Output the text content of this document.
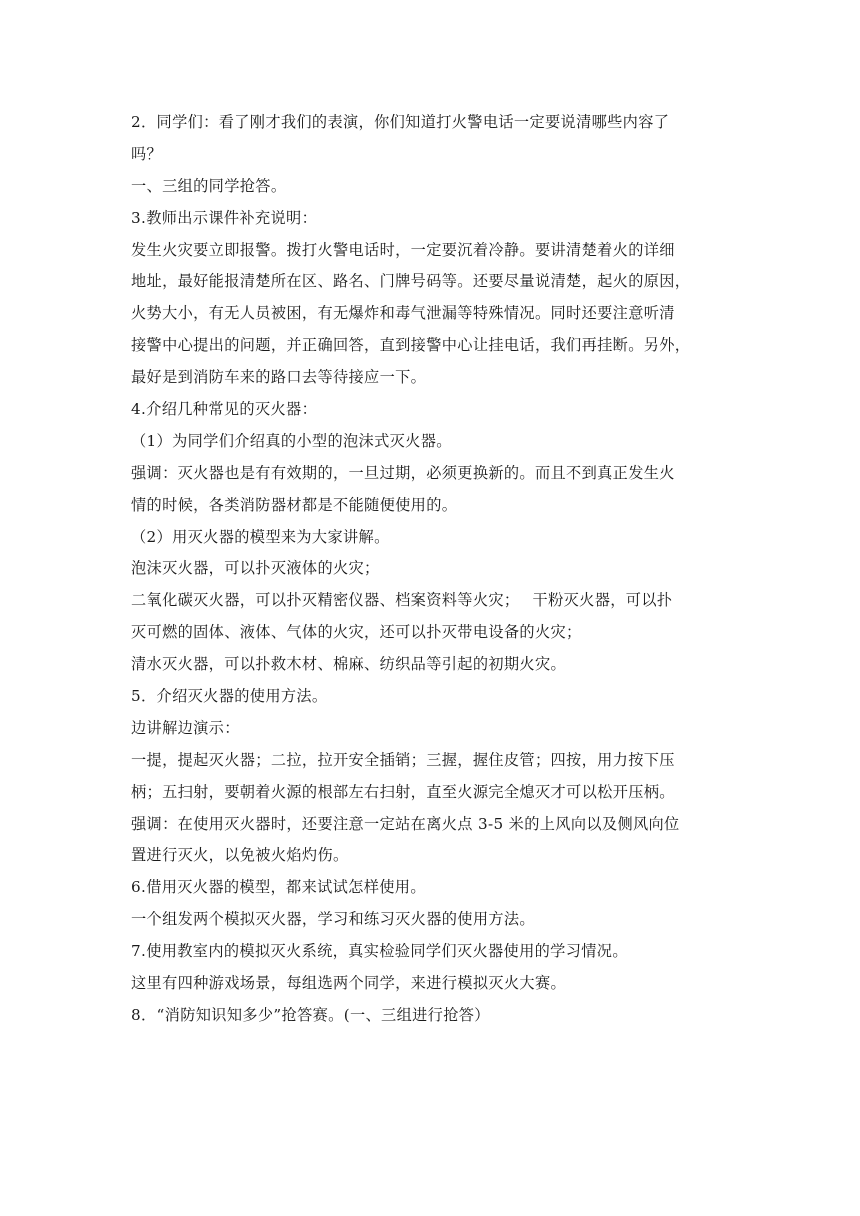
2．同学们：看了刚才我们的表演，你们知道打火警电话一定要说清哪些内容了
吗？
一、三组的同学抢答。
3.教师出示课件补充说明：
发生火灾要立即报警。拨打火警电话时，一定要沉着冷静。要讲清楚着火的详细
地址，最好能报清楚所在区、路名、门牌号码等。还要尽量说清楚，起火的原因，
火势大小，有无人员被困，有无爆炸和毒气泄漏等特殊情况。同时还要注意听清
接警中心提出的问题，并正确回答，直到接警中心让挂电话，我们再挂断。另外，
最好是到消防车来的路口去等待接应一下。
4.介绍几种常见的灭火器：
（1）为同学们介绍真的小型的泡沫式灭火器。
强调：灭火器也是有有效期的，一旦过期，必须更换新的。而且不到真正发生火
情的时候，各类消防器材都是不能随便使用的。
（2）用灭火器的模型来为大家讲解。
泡沫灭火器，可以扑灭液体的火灾；
二氧化碳灭火器，可以扑灭精密仪器、档案资料等火灾；　 干粉灭火器，可以扑
灭可燃的固体、液体、气体的火灾，还可以扑灭带电设备的火灾；
清水灭火器，可以扑救木材、棉麻、纺织品等引起的初期火灾。
5．介绍灭火器的使用方法。
边讲解边演示：
一提，提起灭火器；二拉，拉开安全插销；三握，握住皮管；四按，用力按下压
柄；五扫射，要朝着火源的根部左右扫射，直至火源完全熄灭才可以松开压柄。
强调：在使用灭火器时，还要注意一定站在离火点 3-5 米的上风向以及侧风向位
置进行灭火，以免被火焰灼伤。
6.借用灭火器的模型，都来试试怎样使用。
一个组发两个模拟灭火器，学习和练习灭火器的使用方法。
7.使用教室内的模拟灭火系统，真实检验同学们灭火器使用的学习情况。
这里有四种游戏场景，每组选两个同学，来进行模拟灭火大赛。
8．“消防知识知多少”抢答赛。(一、三组进行抢答）
